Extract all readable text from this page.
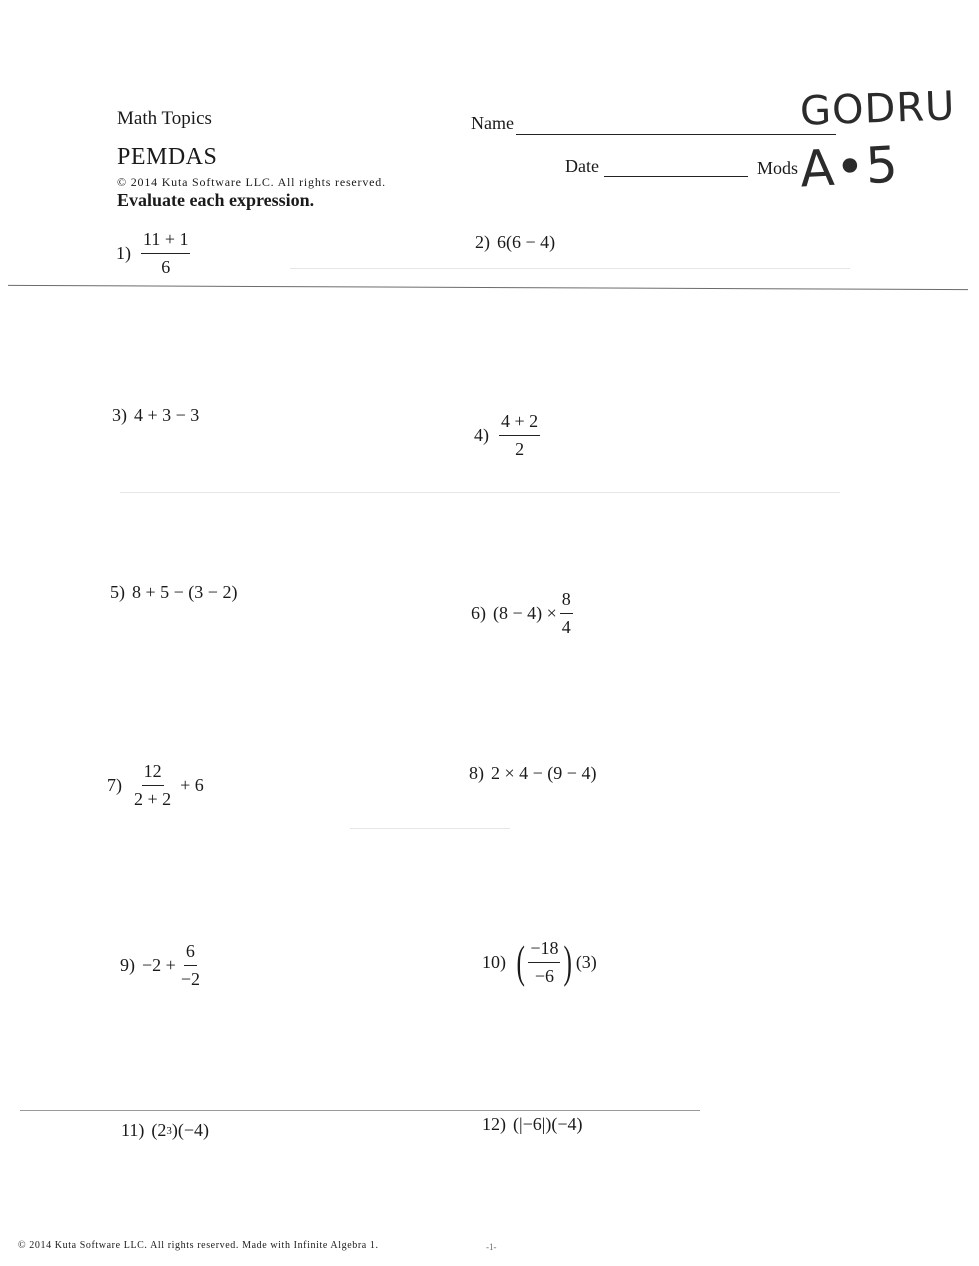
Math Topics
PEMDAS
© 2014 Kuta Software LLC. All rights reserved.
Evaluate each expression.
Name
Date	Mods
GODRU
A•5
$1) \frac{11 + 1}{6}$	2) 6(6 − 4)
3) 4 + 3 − 3
$4) \frac{4 + 2}{2}$
5) 8 + 5 − (3 − 2)
6) $(8 - 4) \times \frac{8}{4}$
$7) \frac{12}{2 + 2} + 6$
8) 2 × 4 − (9 − 4)
$9) -2 + \frac{6}{-2}$	10) ( $\frac{-18}{-6}$ ) (3)
11) (2 3 )(−4)	12) (|−6|)(−4)
© 2014 Kuta Software LLC. All rights reserved. Made with Infinite Algebra 1.	-1-
